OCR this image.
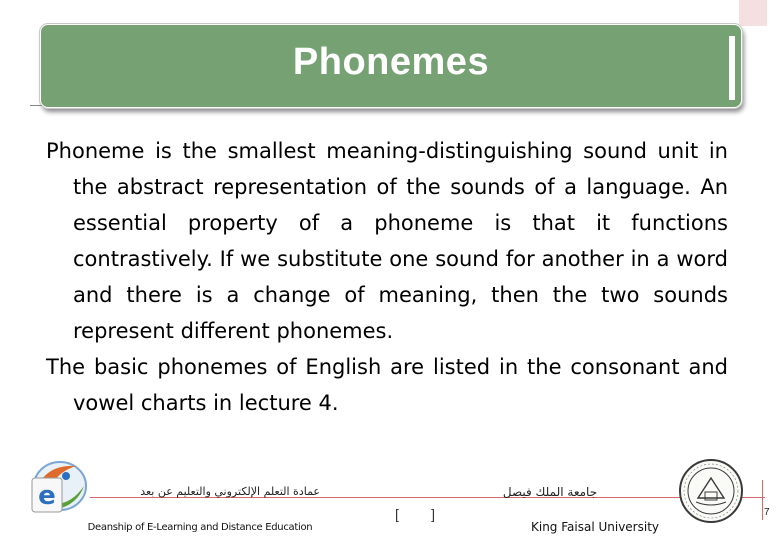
Phonemes

Phoneme is the smallest meaning-distinguishing sound unit in the abstract representation of the sounds of a language. An essential property of a phoneme is that it functions contrastively. If we substitute one sound for another in a word and there is a change of meaning, then the two sounds represent different phonemes.

The basic phonemes of English are listed in the consonant and vowel charts in lecture 4.

e	عمادة التعلم الإلكتروني والتعليم عن بعد
Deanship of E-Learning and Distance Education
[ ]
جامعة الملك فيصل
King Faisal University
7
